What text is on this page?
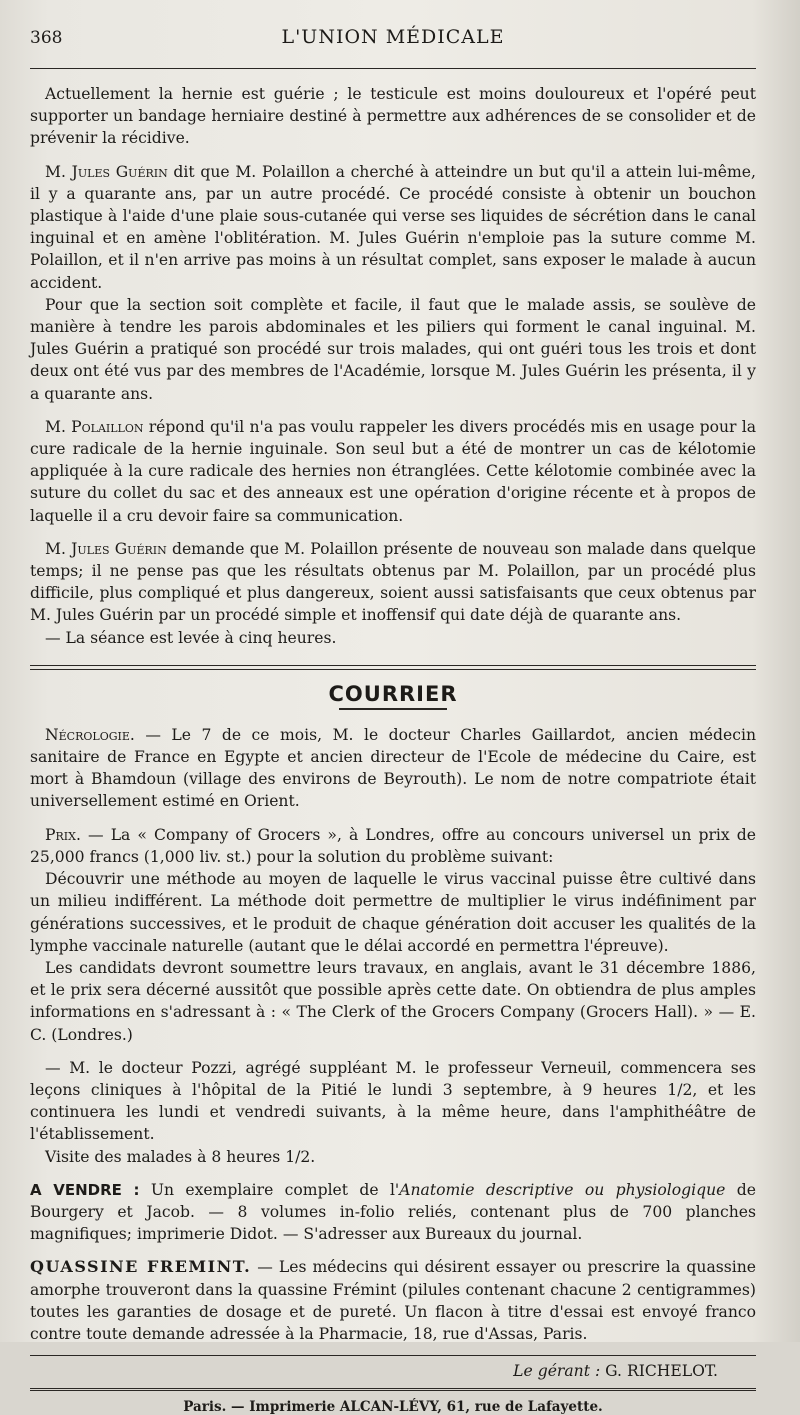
368	L'UNION MÉDICALE

Actuellement la hernie est guérie ; le testicule est moins douloureux et l'opéré peut supporter un bandage herniaire destiné à permettre aux adhérences de se consolider et de prévenir la récidive.

M. Jules Guérin dit que M. Polaillon a cherché à atteindre un but qu'il a attein lui-même, il y a quarante ans, par un autre procédé. Ce procédé consiste à obtenir un bouchon plastique à l'aide d'une plaie sous-cutanée qui verse ses liquides de sécrétion dans le canal inguinal et en amène l'oblitération. M. Jules Guérin n'emploie pas la suture comme M. Polaillon, et il n'en arrive pas moins à un résultat complet, sans exposer le malade à aucun accident.

Pour que la section soit complète et facile, il faut que le malade assis, se soulève de manière à tendre les parois abdominales et les piliers qui forment le canal inguinal. M. Jules Guérin a pratiqué son procédé sur trois malades, qui ont guéri tous les trois et dont deux ont été vus par des membres de l'Académie, lorsque M. Jules Guérin les présenta, il y a quarante ans.

M. Polaillon répond qu'il n'a pas voulu rappeler les divers procédés mis en usage pour la cure radicale de la hernie inguinale. Son seul but a été de montrer un cas de kélotomie appliquée à la cure radicale des hernies non étranglées. Cette kélotomie combinée avec la suture du collet du sac et des anneaux est une opération d'origine récente et à propos de laquelle il a cru devoir faire sa communication.

M. Jules Guérin demande que M. Polaillon présente de nouveau son malade dans quelque temps; il ne pense pas que les résultats obtenus par M. Polaillon, par un procédé plus difficile, plus compliqué et plus dangereux, soient aussi satisfaisants que ceux obtenus par M. Jules Guérin par un procédé simple et inoffensif qui date déjà de quarante ans.

— La séance est levée à cinq heures.

COURRIER

Nécrologie. — Le 7 de ce mois, M. le docteur Charles Gaillardot, ancien médecin sanitaire de France en Egypte et ancien directeur de l'Ecole de médecine du Caire, est mort à Bhamdoun (village des environs de Beyrouth). Le nom de notre compatriote était universellement estimé en Orient.

Prix. — La « Company of Grocers », à Londres, offre au concours universel un prix de 25,000 francs (1,000 liv. st.) pour la solution du problème suivant:

Découvrir une méthode au moyen de laquelle le virus vaccinal puisse être cultivé dans un milieu indifférent. La méthode doit permettre de multiplier le virus indéfiniment par générations successives, et le produit de chaque génération doit accuser les qualités de la lymphe vaccinale naturelle (autant que le délai accordé en permettra l'épreuve).

Les candidats devront soumettre leurs travaux, en anglais, avant le 31 décembre 1886, et le prix sera décerné aussitôt que possible après cette date. On obtiendra de plus amples informations en s'adressant à : « The Clerk of the Grocers Company (Grocers Hall). » — E. C. (Londres.)

— M. le docteur Pozzi, agrégé suppléant M. le professeur Verneuil, commencera ses leçons cliniques à l'hôpital de la Pitié le lundi 3 septembre, à 9 heures 1/2, et les continuera les lundi et vendredi suivants, à la même heure, dans l'amphithéâtre de l'établissement.

Visite des malades à 8 heures 1/2.

A VENDRE : Un exemplaire complet de l'Anatomie descriptive ou physiologique de Bourgery et Jacob. — 8 volumes in-folio reliés, contenant plus de 700 planches magnifiques; imprimerie Didot. — S'adresser aux Bureaux du journal.

QUASSINE FREMINT. — Les médecins qui désirent essayer ou prescrire la quassine amorphe trouveront dans la quassine Frémint (pilules contenant chacune 2 centigrammes) toutes les garanties de dosage et de pureté. Un flacon à titre d'essai est envoyé franco contre toute demande adressée à la Pharmacie, 18, rue d'Assas, Paris.

Le gérant : G. RICHELOT.
Paris. — Imprimerie ALCAN-LÉVY, 61, rue de Lafayette.
